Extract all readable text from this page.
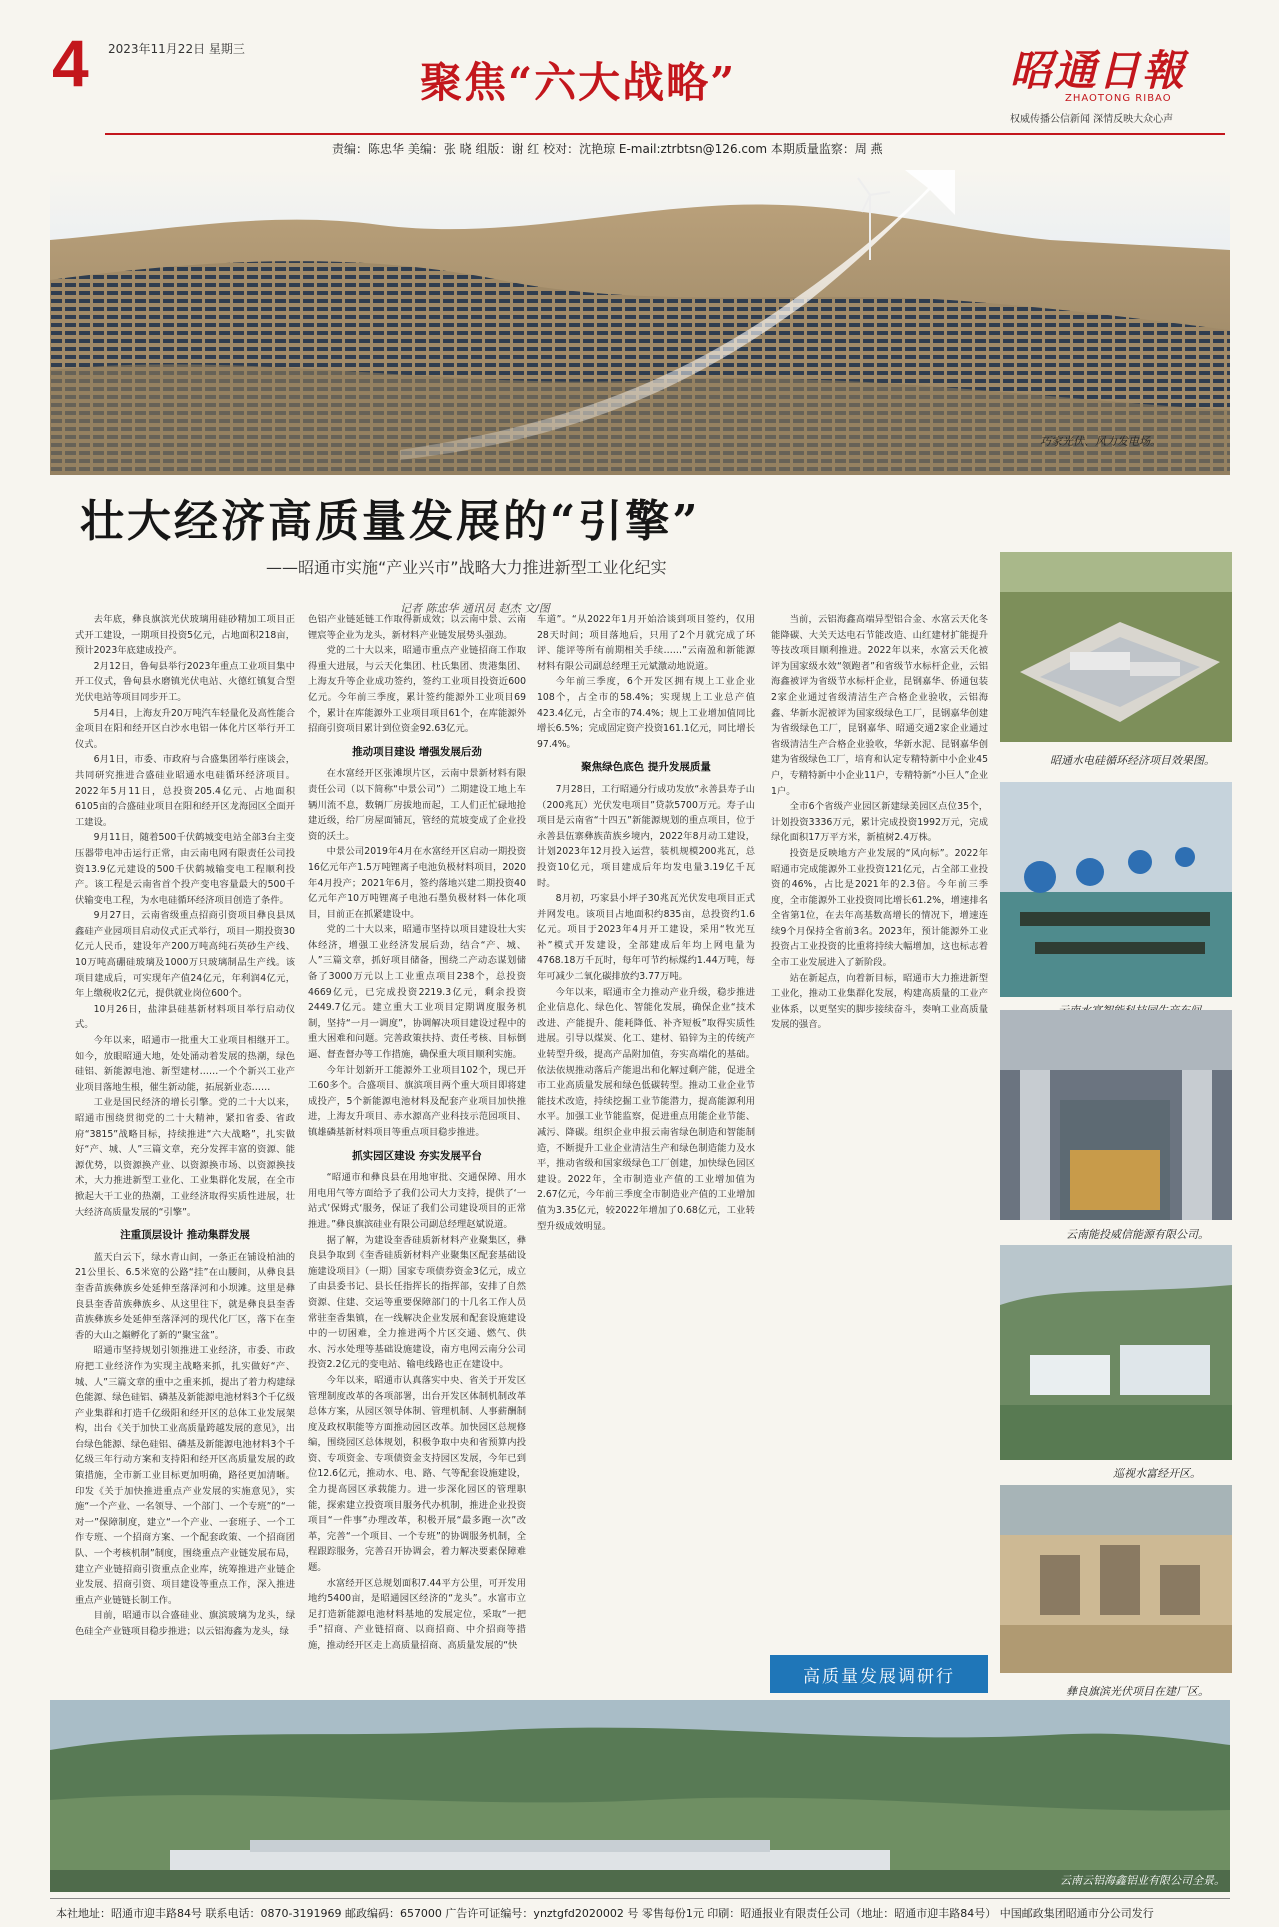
4 2023年11月22日 星期三
聚焦“六大战略”	昭通日報
ZHAOTONG RIBAO
权威传播公信新闻 深情反映大众心声
责编：陈忠华 美编：张 晓 组版：谢 红 校对：沈艳琼 E-mail:ztrbtsn@126.com 本期质量监察：周 燕
巧家光伏、风力发电场。
壮大经济高质量发展的“引擎”
——昭通市实施“产业兴市”战略大力推进新型工业化纪实
记者 陈忠华 通讯员 赵杰 文/图

去年底，彝良旗滨光伏玻璃用硅砂精加工项目正式开工建设，一期项目投资5亿元，占地面积218亩，预计2023年底建成投产。

2月12日，鲁甸县举行2023年重点工业项目集中开工仪式，鲁甸县水磨镇光伏电站、火德红镇复合型光伏电站等项目同步开工。

5月4日，上海友升20万吨汽车轻量化及高性能合金项目在阳和经开区白沙水电铝一体化片区举行开工仪式。

6月1日，市委、市政府与合盛集团举行座谈会，共同研究推进合盛硅业昭通水电硅循环经济项目。2022年5月11日，总投资205.4亿元、占地面积6105亩的合盛硅业项目在阳和经开区龙海园区全面开工建设。

9月11日，随着500千伏鹤城变电站全部3台主变压器带电冲击运行正常，由云南电网有限责任公司投资13.9亿元建设的500千伏鹤城输变电工程顺利投产。该工程是云南省首个投产变电容量最大的500千伏输变电工程，为水电硅循环经济项目创造了条件。

9月27日，云南省级重点招商引资项目彝良县凤鑫硅产业园项目启动仪式正式举行，项目一期投资30亿元人民币，建设年产200万吨高纯石英砂生产线、10万吨高硼硅玻璃及1000万只玻璃制品生产线。该项目建成后，可实现年产值24亿元，年利润4亿元，年上缴税收2亿元，提供就业岗位600个。

10月26日，盐津县硅基新材料项目举行启动仪式。

今年以来，昭通市一批重大工业项目相继开工。如今，放眼昭通大地，处处涌动着发展的热潮，绿色硅铝、新能源电池、新型建材……一个个新兴工业产业项目落地生根，催生新动能，拓展新业态……

工业是国民经济的增长引擎。党的二十大以来，昭通市围绕贯彻党的二十大精神，紧扣省委、省政府“3815”战略目标，持续推进“六大战略”，扎实做好“产、城、人”三篇文章，充分发挥丰富的资源、能源优势，以资源换产业、以资源换市场、以资源换技术，大力推进新型工业化、工业集群化发展，在全市掀起大干工业的热潮，工业经济取得实质性进展，壮大经济高质量发展的“引擎”。

注重顶层设计 推动集群发展

蓝天白云下，绿水青山间，一条正在铺设柏油的21公里长、6.5米宽的公路“挂”在山腰间，从彝良县奎香苗族彝族乡处延伸至落泽河和小坝滩。这里是彝良县奎香苗族彝族乡、从这里往下，就是彝良县奎香苗族彝族乡处延伸至落泽河的现代化厂区，落下在奎香的大山之巅孵化了新的“聚宝盆”。

昭通市坚持规划引领推进工业经济，市委、市政府把工业经济作为实现主战略来抓，扎实做好“产、城、人”三篇文章的重中之重来抓，提出了着力构建绿色能源、绿色硅铝、磷基及新能源电池材料3个千亿级产业集群和打造千亿级阳和经开区的总体工业发展架构，出台《关于加快工业高质量跨越发展的意见》，出台绿色能源、绿色硅铝、磷基及新能源电池材料3个千亿级三年行动方案和支持阳和经开区高质量发展的政策措施，全市新工业目标更加明确，路径更加清晰。印发《关于加快推进重点产业发展的实施意见》，实施“一个产业、一名领导、一个部门、一个专班”的“一对一”保障制度，建立“一个产业、一套班子、一个工作专班、一个招商方案、一个配套政策、一个招商团队、一个考核机制”制度，围绕重点产业链发展布局，建立产业链招商引资重点企业库，统筹推进产业链企业发展、招商引资、项目建设等重点工作，深入推进重点产业链链长制工作。

目前，昭通市以合盛硅业、旗滨玻璃为龙头，绿色硅全产业链项目稳步推进；以云铝海鑫为龙头，绿

色铝产业链延链工作取得新成效；以云南中景、云南锂宸等企业为龙头，新材料产业链发展势头强劲。

党的二十大以来，昭通市重点产业链招商工作取得重大进展，与云天化集团、杜氏集团、贵港集团、上海友升等企业成功签约，签约工业项目投资近600亿元。今年前三季度，累计签约能源外工业项目69个，累计在库能源外工业项目项目61个，在库能源外招商引资项目累计到位资金92.63亿元。

推动项目建设 增强发展后劲

在水富经开区张滩坝片区，云南中景新材料有限责任公司（以下简称“中景公司”）二期建设工地上车辆川流不息，数辆厂房拔地而起，工人们正忙碌地抢建近级，给厂房屋面铺瓦，管经的荒坡变成了企业投资的沃土。

中景公司2019年4月在水富经开区启动一期投资16亿元年产1.5万吨锂离子电池负极材料项目，2020年4月投产；2021年6月，签约落地兴建二期投资40亿元年产10万吨锂离子电池石墨负极材料一体化项目，目前正在抓紧建设中。

党的二十大以来，昭通市坚持以项目建设壮大实体经济，增强工业经济发展后劲，结合“产、城、人”三篇文章，抓好项目储备，围绕二产动态谋划储备了3000万元以上工业重点项目238个，总投资4669亿元，已完成投资2219.3亿元，剩余投资2449.7亿元。建立重大工业项目定期调度服务机制，坚持“一月一调度”，协调解决项目建设过程中的重大困难和问题。完善政策扶持、责任考核、目标倒逼、督查督办等工作措施，确保重大项目顺利实施。

今年计划新开工能源外工业项目102个，现已开工60多个。合盛项目、旗滨项目两个重大项目即将建成投产，5个新能源电池材料及配套产业项目加快推进，上海友升项目、赤水源高产业科技示范园项目、镇雄磷基新材料项目等重点项目稳步推进。

抓实园区建设 夯实发展平台

“昭通市和彝良县在用地审批、交通保障、用水用电用气等方面给予了我们公司大力支持，提供了‘一站式’保姆式‘服务，保证了我们公司建设项目的正常推进。”彝良旗滨硅业有限公司副总经理赵斌说道。

据了解，为建设奎香硅质新材料产业聚集区，彝良县争取到《奎香硅质新材料产业聚集区配套基础设施建设项目》（一期）国家专项债券资金3亿元，成立了由县委书记、县长任指挥长的指挥部，安排了自然资源、住建、交运等重要保障部门的十几名工作人员常驻奎香集镇，在一线解决企业发展和配套设施建设中的一切困难，全力推进两个片区交通、燃气、供水、污水处理等基础设施建设，南方电网云南分公司投资2.2亿元的变电站、输电线路也正在建设中。

今年以来，昭通市认真落实中央、省关于开发区管理制度改革的各项部署，出台开发区体制机制改革总体方案，从园区领导体制、管理机制、人事薪酬制度及政权职能等方面推动园区改革。加快园区总规修编，围绕园区总体规划，积极争取中央和省预算内投资、专项资金、专项债资金支持园区发展，今年已到位12.6亿元，推动水、电、路、气等配套设施建设，全力提高园区承载能力。进一步深化园区的管理职能，探索建立投资项目服务代办机制，推进企业投资项目“一件事”办理改革，积极开展“最多跑一次”改革，完善“一个项目、一个专班”的协调服务机制，全程跟踪服务，完善召开协调会，着力解决要素保障难题。

水富经开区总规划面积7.44平方公里，可开发用地约5400亩，是昭通园区经济的“龙头”。水富市立足打造新能源电池材料基地的发展定位，采取“一把手”招商、产业链招商、以商招商、中介招商等措施，推动经开区走上高质量招商、高质量发展的“快

车道”。“从2022年1月开始洽谈到项目签约，仅用28天时间；项目落地后，只用了2个月就完成了环评、能评等所有前期相关手续……”云南盈和新能源材料有限公司副总经理王元斌激动地说道。

今年前三季度，6个开发区拥有规上工业企业108个，占全市的58.4%；实现规上工业总产值423.4亿元，占全市的74.4%；规上工业增加值同比增长6.5%；完成固定资产投资161.1亿元，同比增长97.4%。

聚焦绿色底色 提升发展质量

7月28日，工行昭通分行成功发放“永善县寿子山（200兆瓦）光伏发电项目”贷款5700万元。寿子山项目是云南省“十四五”新能源规划的重点项目，位于永善县伍寨彝族苗族乡境内，2022年8月动工建设，计划2023年12月投入运营，装机规模200兆瓦，总投资10亿元，项目建成后年均发电量3.19亿千瓦时。

8月初，巧家县小坪子30兆瓦光伏发电项目正式并网发电。该项目占地面积约835亩，总投资约1.6亿元。项目于2023年4月开工建设，采用“牧光互补”模式开发建设，全部建成后年均上网电量为4768.18万千瓦时，每年可节约标煤约1.44万吨，每年可减少二氧化碳排放约3.77万吨。

今年以来，昭通市全力推动产业升级，稳步推进企业信息化、绿色化、智能化发展，确保企业“技术改进、产能提升、能耗降低、补齐短板”取得实质性进展。引导以煤炭、化工、建材、铅锌为主的传统产业转型升级，提高产品附加值，夯实高端化的基础。依法依规推动落后产能退出和化解过剩产能，促进全市工业高质量发展和绿色低碳转型。推动工业企业节能技术改造，持续挖掘工业节能潜力，提高能源利用水平。加强工业节能监察，促进重点用能企业节能、减污、降碳。组织企业申报云南省绿色制造和智能制造，不断提升工业企业清洁生产和绿色制造能力及水平，推动省级和国家级绿色工厂创建，加快绿色园区建设。2022年，全市制造业产值的工业增加值为2.67亿元，今年前三季度全市制造业产值的工业增加值为3.35亿元，较2022年增加了0.68亿元，工业转型升级成效明显。

当前，云铝海鑫高端异型铝合金、水富云天化冬能降碳、大关天达电石节能改造、山红建材扩能提升等技改项目顺利推进。2022年以来，水富云天化被评为国家级水效“领跑者”和省级节水标杆企业，云铝海鑫被评为省级节水标杆企业，昆钢嘉华、侨通包装2家企业通过省级清洁生产合格企业验收，云铝海鑫、华新水泥被评为国家级绿色工厂，昆钢嘉华创建为省级绿色工厂，昆钢嘉华、昭通交通2家企业通过省级清洁生产合格企业验收，华新水泥、昆钢嘉华创建为省级绿色工厂，培育和认定专精特新中小企业45户，专精特新中小企业11户，专精特新“小巨人”企业1户。

全市6个省级产业园区新建绿美园区点位35个，计划投资3336万元，累计完成投资1992万元，完成绿化面积17万平方米，新植树2.4万株。

投资是反映地方产业发展的“风向标”。2022年昭通市完成能源外工业投资121亿元，占全部工业投资的46%，占比是2021年的2.3倍。今年前三季度，全市能源外工业投资同比增长61.2%，增速排名全省第1位，在去年高基数高增长的情况下，增速连续9个月保持全省前3名。2023年，预计能源外工业投资占工业投资的比重将持续大幅增加，这也标志着全市工业发展进入了新阶段。

站在新起点，向着新目标，昭通市大力推进新型工业化，推动工业集群化发展，构建高质量的工业产业体系，以更坚实的脚步接续奋斗，奏响工业高质量发展的强音。

高质量发展调研行
昭通水电硅循环经济项目效果图。
云南能投威信能源有限公司。
巡视水富经开区。
彝良旗滨光伏项目在建厂区。
云南云铝海鑫铝业有限公司全景。
本社地址：昭通市迎丰路84号 联系电话：0870-3191969 邮政编码：657000 广告许可证编号：ynztgfd2020002 号 零售每份1元 印刷：昭通报业有限责任公司（地址：昭通市迎丰路84号） 中国邮政集团昭通市分公司发行
